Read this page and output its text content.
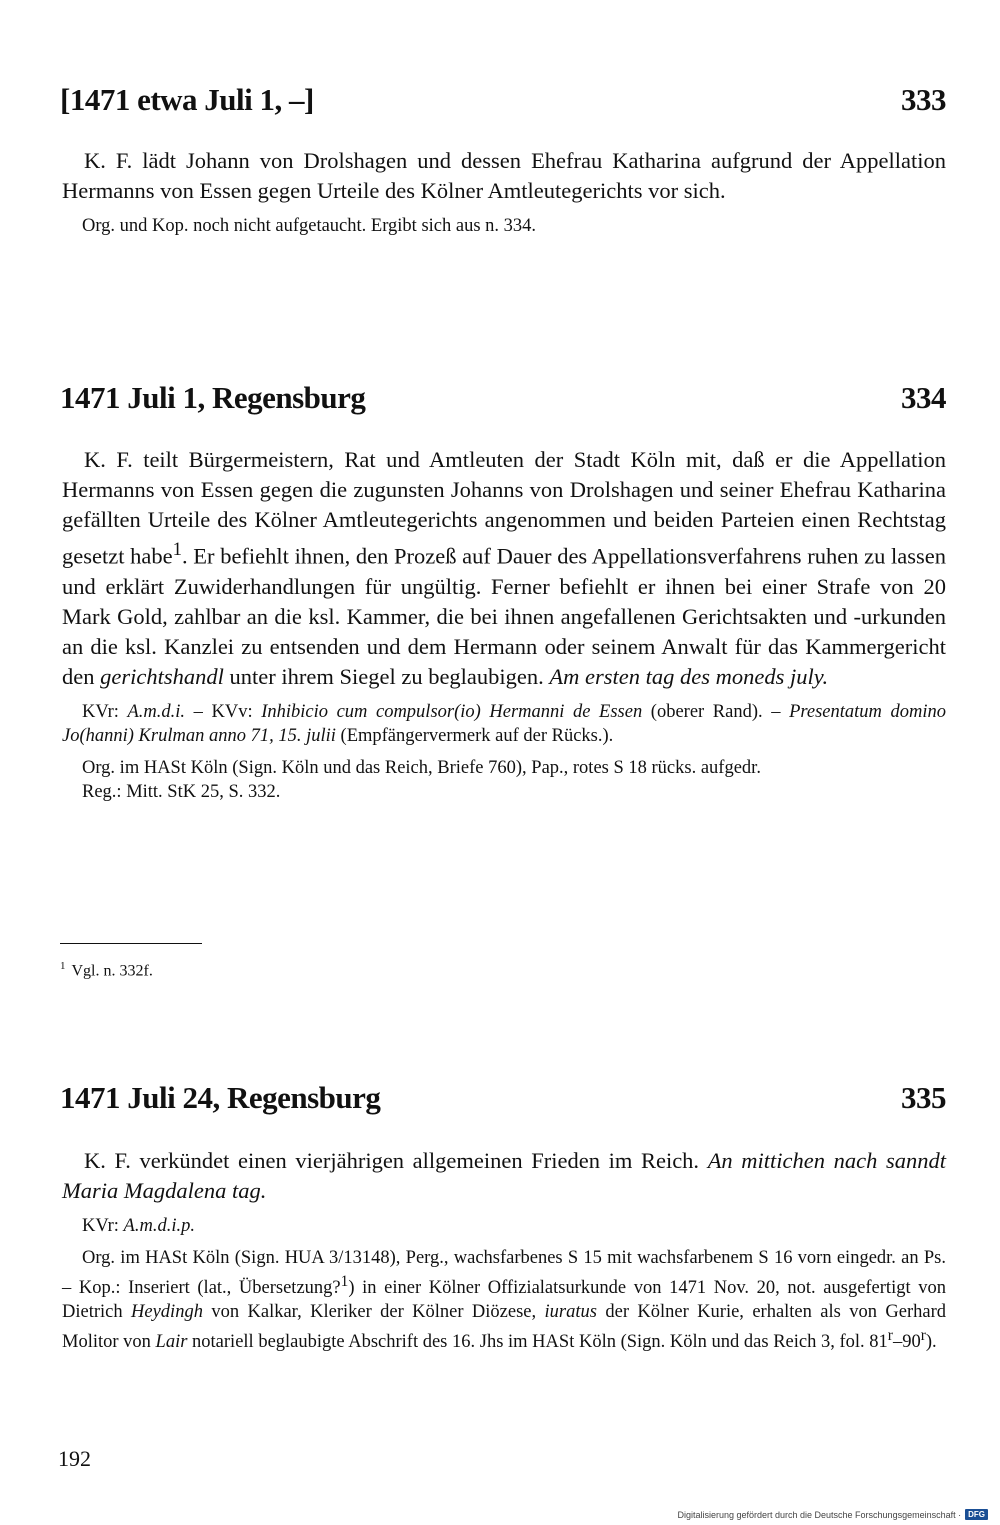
[1471 etwa Juli 1, –]	333

K. F. lädt Johann von Drolshagen und dessen Ehefrau Katharina aufgrund der Appellation Hermanns von Essen gegen Urteile des Kölner Amtleutegerichts vor sich.

Org. und Kop. noch nicht aufgetaucht. Ergibt sich aus n. 334.

1471 Juli 1, Regensburg	334

K. F. teilt Bürgermeistern, Rat und Amtleuten der Stadt Köln mit, daß er die Appellation Hermanns von Essen gegen die zugunsten Johanns von Drolshagen und seiner Ehefrau Katharina gefällten Urteile des Kölner Amtleutegerichts angenommen und beiden Parteien einen Rechtstag gesetzt habe$^1$. Er befiehlt ihnen, den Prozeß auf Dauer des Appellationsverfahrens ruhen zu lassen und erklärt Zuwiderhandlungen für ungültig. Ferner befiehlt er ihnen bei einer Strafe von 20 Mark Gold, zahlbar an die ksl. Kammer, die bei ihnen angefallenen Gerichtsakten und -urkunden an die ksl. Kanzlei zu entsenden und dem Hermann oder seinem Anwalt für das Kammergericht den gerichtshandl unter ihrem Siegel zu beglaubigen. Am ersten tag des moneds july.

KVr: A.m.d.i. – KVv: Inhibicio cum compulsor(io) Hermanni de Essen (oberer Rand). – Presentatum domino Jo(hanni) Krulman anno 71, 15. julii (Empfängervermerk auf der Rücks.).

Org. im HASt Köln (Sign. Köln und das Reich, Briefe 760), Pap., rotes S 18 rücks. aufgedr.

Reg.: Mitt. StK 25, S. 332.

$^1$ Vgl. n. 332f.
1471 Juli 24, Regensburg	335

K. F. verkündet einen vierjährigen allgemeinen Frieden im Reich. An mittichen nach sanndt Maria Magdalena tag.

KVr: A.m.d.i.p.

Org. im HASt Köln (Sign. HUA 3/13148), Perg., wachsfarbenes S 15 mit wachsfarbenem S 16 vorn eingedr. an Ps. – Kop.: Inseriert (lat., Übersetzung?$^1$) in einer Kölner Offizialatsurkunde von 1471 Nov. 20, not. ausgefertigt von Dietrich Heydingh von Kalkar, Kleriker der Kölner Diözese, iuratus der Kölner Kurie, erhalten als von Gerhard Molitor von Lair notariell beglaubigte Abschrift des 16. Jhs im HASt Köln (Sign. Köln und das Reich 3, fol. 81$^r$–90$^r$).

192
Digitalisierung gefördert durch die Deutsche Forschungsgemeinschaft · DFG
